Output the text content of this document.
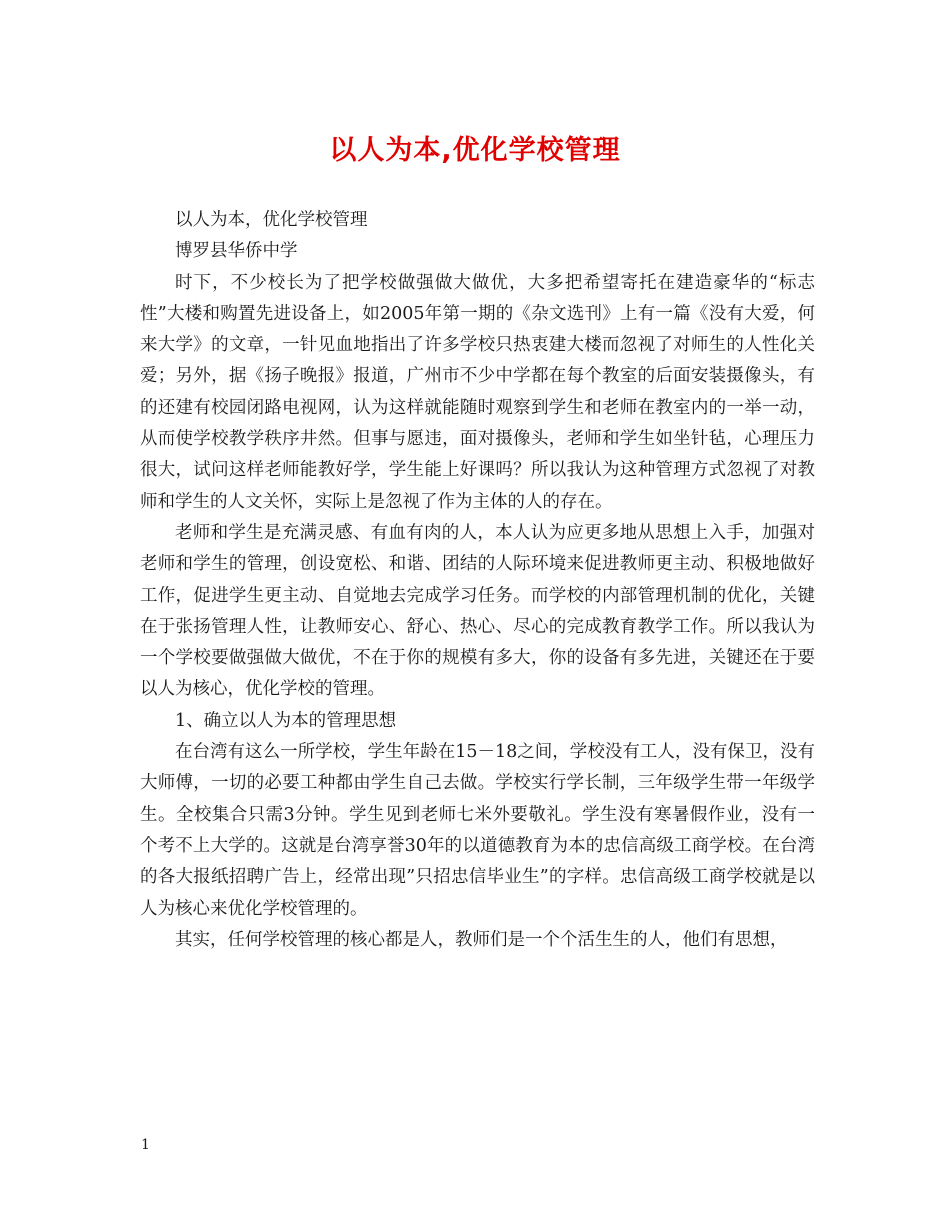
以人为本,优化学校管理

以人为本，优化学校管理

博罗县华侨中学

时下，不少校长为了把学校做强做大做优，大多把希望寄托在建造豪华的“标志性”大楼和购置先进设备上，如2005年第一期的《杂文选刊》上有一篇《没有大爱，何来大学》的文章，一针见血地指出了许多学校只热衷建大楼而忽视了对师生的人性化关爱；另外，据《扬子晚报》报道，广州市不少中学都在每个教室的后面安装摄像头，有的还建有校园闭路电视网，认为这样就能随时观察到学生和老师在教室内的一举一动，从而使学校教学秩序井然。但事与愿违，面对摄像头，老师和学生如坐针毡，心理压力很大，试问这样老师能教好学，学生能上好课吗？所以我认为这种管理方式忽视了对教师和学生的人文关怀，实际上是忽视了作为主体的人的存在。

老师和学生是充满灵感、有血有肉的人，本人认为应更多地从思想上入手，加强对老师和学生的管理，创设宽松、和谐、团结的人际环境来促进教师更主动、积极地做好工作，促进学生更主动、自觉地去完成学习任务。而学校的内部管理机制的优化，关键在于张扬管理人性，让教师安心、舒心、热心、尽心的完成教育教学工作。所以我认为一个学校要做强做大做优，不在于你的规模有多大，你的设备有多先进，关键还在于要以人为核心，优化学校的管理。

1、确立以人为本的管理思想

在台湾有这么一所学校，学生年龄在15－18之间，学校没有工人，没有保卫，没有大师傅，一切的必要工种都由学生自己去做。学校实行学长制，三年级学生带一年级学生。全校集合只需3分钟。学生见到老师七米外要敬礼。学生没有寒暑假作业，没有一个考不上大学的。这就是台湾享誉30年的以道德教育为本的忠信高级工商学校。在台湾的各大报纸招聘广告上，经常出现”只招忠信毕业生”的字样。忠信高级工商学校就是以人为核心来优化学校管理的。

其实，任何学校管理的核心都是人，教师们是一个个活生生的人，他们有思想，

1
